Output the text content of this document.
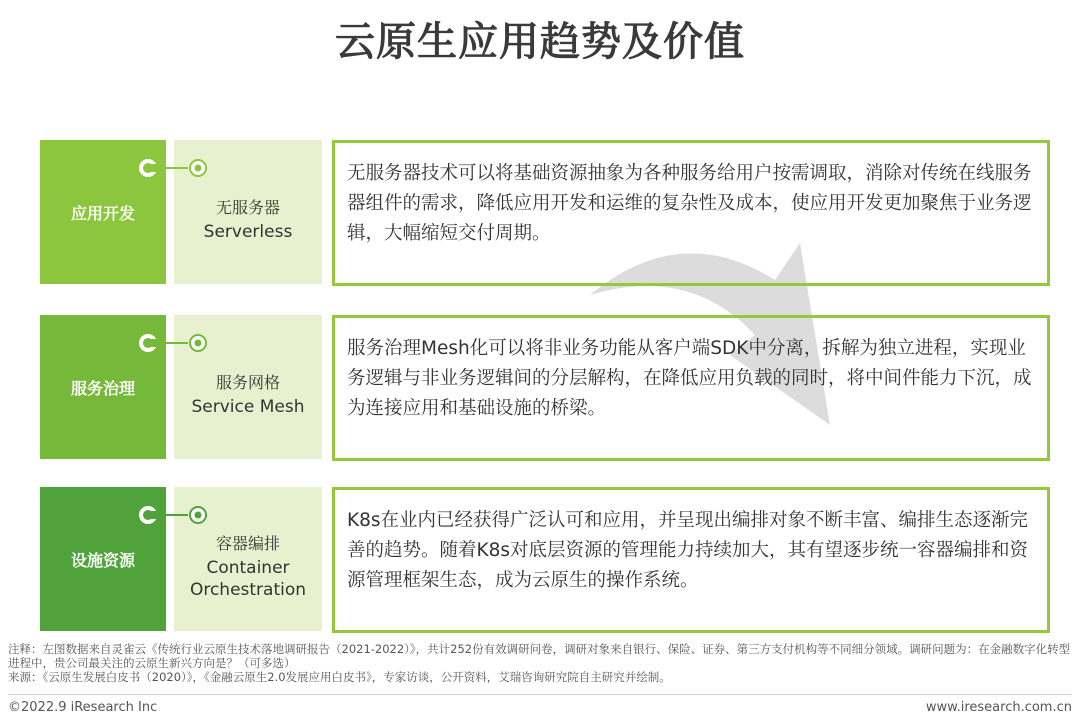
云原生应用趋势及价值
应用开发	无服务器
Serverless

无服务器技术可以将基础资源抽象为各种服务给用户按需调取，消除对传统在线服务器组件的需求，降低应用开发和运维的复杂性及成本，使应用开发更加聚焦于业务逻辑，大幅缩短交付周期。

服务治理	服务网格
Service Mesh

服务治理Mesh化可以将非业务功能从客户端SDK中分离，拆解为独立进程，实现业务逻辑与非业务逻辑间的分层解构，在降低应用负载的同时，将中间件能力下沉，成为连接应用和基础设施的桥梁。

设施资源
容器编排
Container
Orchestration

K8s在业内已经获得广泛认可和应用，并呈现出编排对象不断丰富、编排生态逐渐完善的趋势。随着K8s对底层资源的管理能力持续加大，其有望逐步统一容器编排和资源管理框架生态，成为云原生的操作系统。

注释：左图数据来自灵雀云《传统行业云原生技术落地调研报告（2021-2022）》，共计252份有效调研问卷，调研对象来自银行、保险、证券、第三方支付机构等不同细分领域。调研问题为：在金融数字化转型进程中，贵公司最关注的云原生新兴方向是？（可多选）
来源：《云原生发展白皮书（2020）》，《金融云原生2.0发展应用白皮书》，专家访谈，公开资料，艾瑞咨询研究院自主研究并绘制。
©2022.9 iResearch Inc	www.iresearch.com.cn
